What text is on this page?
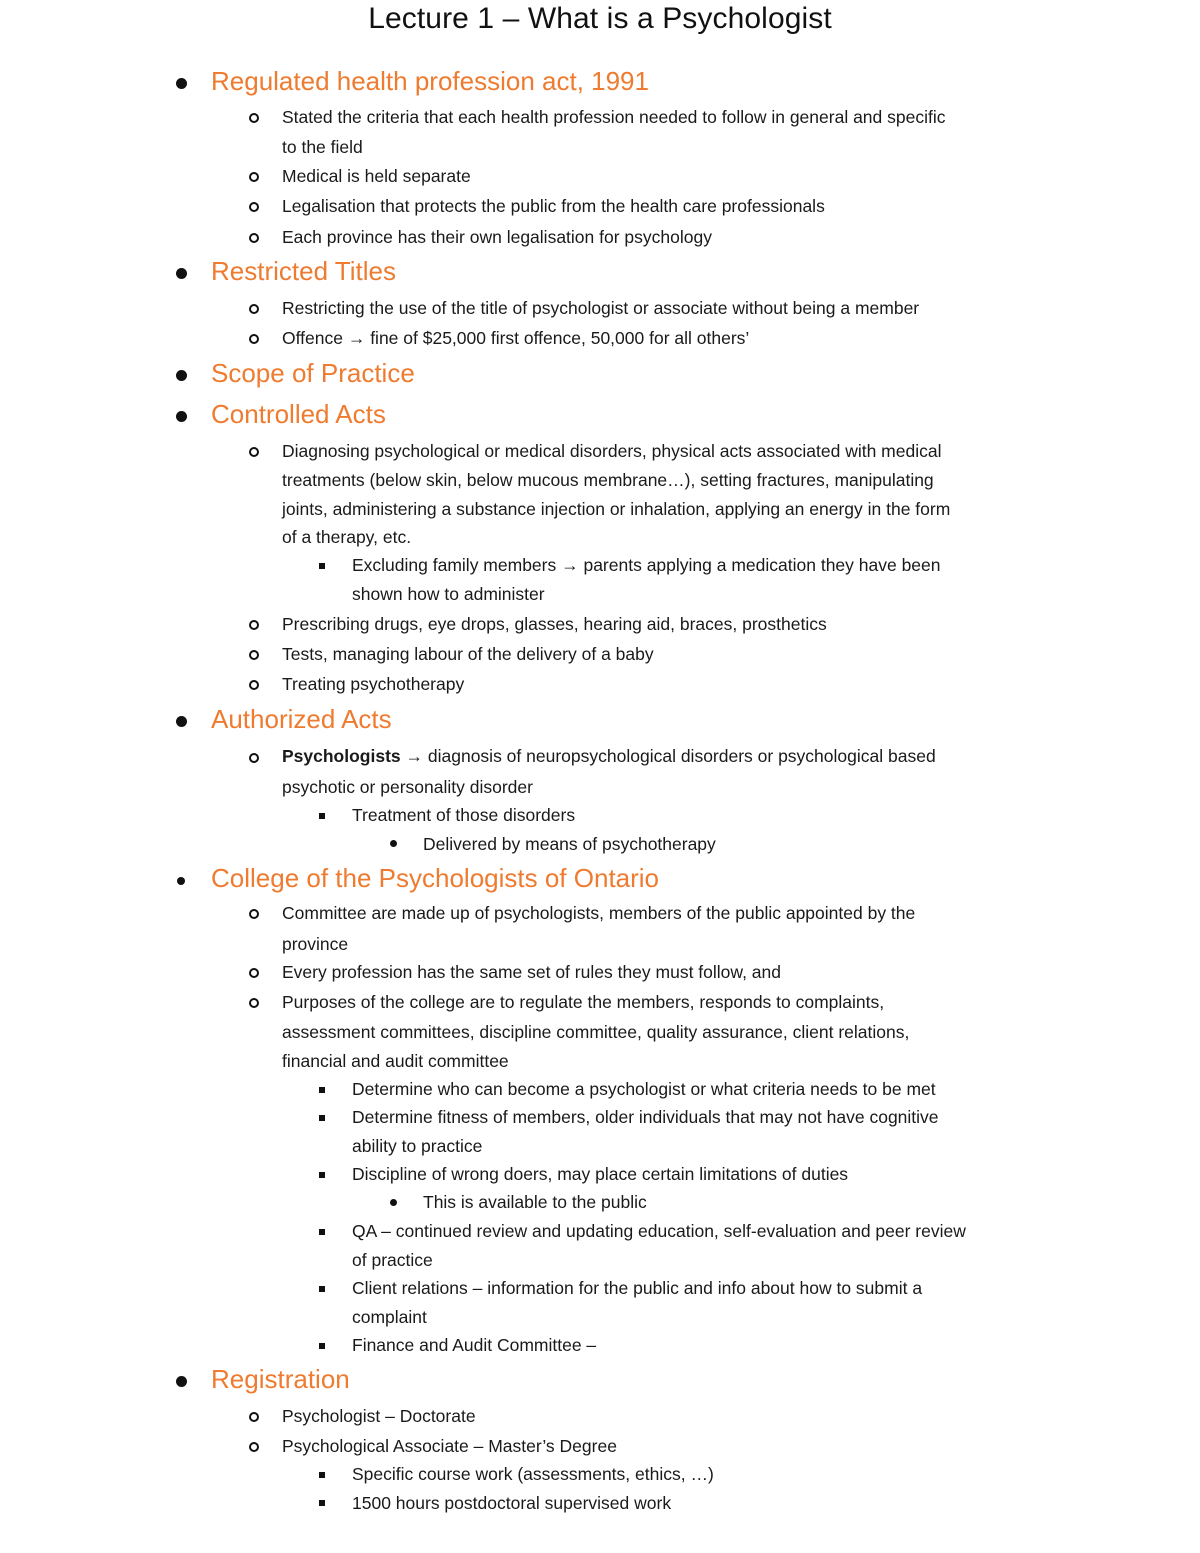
Lecture 1 – What is a Psychologist
Regulated health profession act, 1991
Stated the criteria that each health profession needed to follow in general and specific
to the field
Medical is held separate
Legalisation that protects the public from the health care professionals
Each province has their own legalisation for psychology
Restricted Titles
Restricting the use of the title of psychologist or associate without being a member
Offence → fine of $25,000 first offence, 50,000 for all others’
Scope of Practice
Controlled Acts
Diagnosing psychological or medical disorders, physical acts associated with medical
treatments (below skin, below mucous membrane…), setting fractures, manipulating
joints, administering a substance injection or inhalation, applying an energy in the form
of a therapy, etc.
Excluding family members → parents applying a medication they have been
shown how to administer
Prescribing drugs, eye drops, glasses, hearing aid, braces, prosthetics
Tests, managing labour of the delivery of a baby
Treating psychotherapy
Authorized Acts
Psychologists → diagnosis of neuropsychological disorders or psychological based
psychotic or personality disorder
Treatment of those disorders
Delivered by means of psychotherapy
College of the Psychologists of Ontario
Committee are made up of psychologists, members of the public appointed by the
province
Every profession has the same set of rules they must follow, and
Purposes of the college are to regulate the members, responds to complaints,
assessment committees, discipline committee, quality assurance, client relations,
financial and audit committee
Determine who can become a psychologist or what criteria needs to be met
Determine fitness of members, older individuals that may not have cognitive
ability to practice
Discipline of wrong doers, may place certain limitations of duties
This is available to the public
QA – continued review and updating education, self-evaluation and peer review
of practice
Client relations – information for the public and info about how to submit a
complaint
Finance and Audit Committee –
Registration
Psychologist – Doctorate
Psychological Associate – Master’s Degree
Specific course work (assessments, ethics, …)
1500 hours postdoctoral supervised work
